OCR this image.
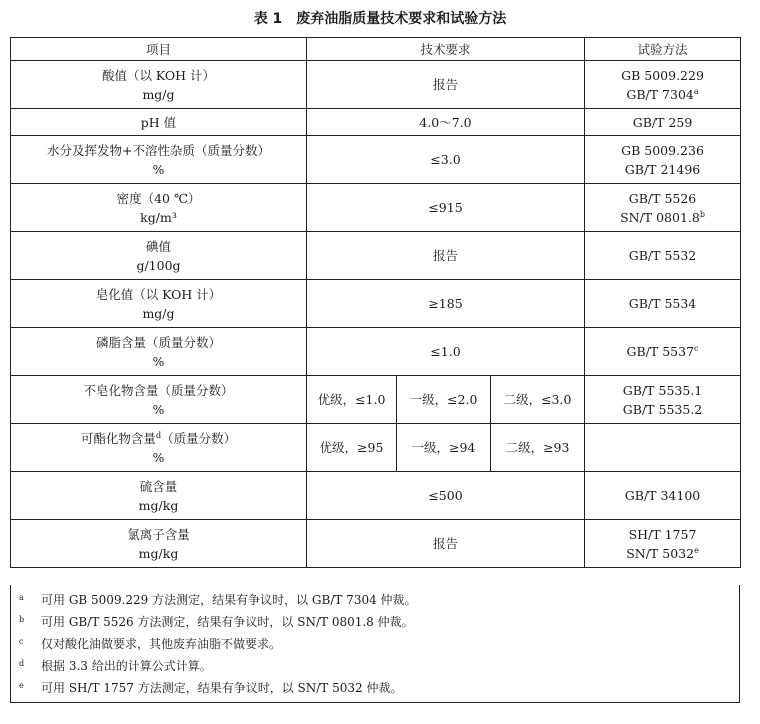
表 1　废弃油脂质量技术要求和试验方法
项目	技术要求			试验方法

酸值（以 KOH 计）
mg/g	报告			GB 5009.229
GB/T 7304$^a$

pH 值	4.0～7.0			GB/T 259

水分及挥发物+不溶性杂质（质量分数）
%	≤3.0			GB 5009.236
GB/T 21496

密度（40 ℃）
kg/m³	≤915			GB/T 5526
SN/T 0801.8$^b$

碘值
g/100g	报告			GB/T 5532

皂化值（以 KOH 计）
mg/g	≥185			GB/T 5534

磷脂含量（质量分数）
%	≤1.0			GB/T 5537$^c$

不皂化物含量（质量分数）
%	优级，≤1.0	一级，≤2.0	二级，≤3.0	GB/T 5535.1
GB/T 5535.2

可酯化物含量$^d$（质量分数）
%	优级，≥95	一级，≥94	二级，≥93	

硫含量
mg/kg	≤500			GB/T 34100

氯离子含量
mg/kg	报告			SH/T 1757
SN/T 5032e
a	可用 GB 5009.229 方法测定，结果有争议时，以 GB/T 7304 仲裁。
b	可用 GB/T 5526 方法测定，结果有争议时，以 SN/T 0801.8 仲裁。
c	仅对酸化油做要求，其他废弃油脂不做要求。
d	根据 3.3 给出的计算公式计算。
e	可用 SH/T 1757 方法测定，结果有争议时，以 SN/T 5032 仲裁。
